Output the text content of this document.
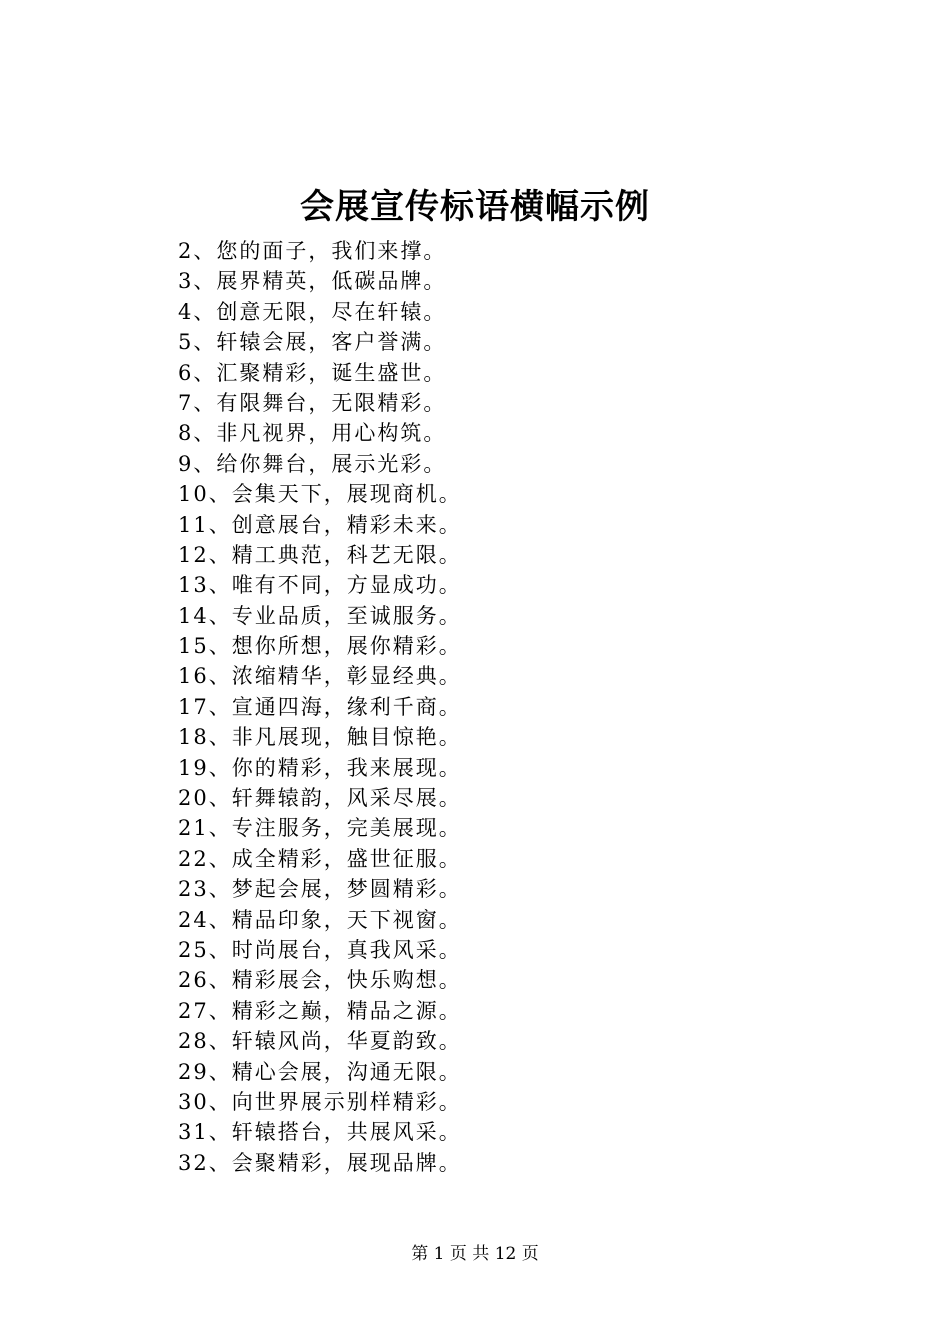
会展宣传标语横幅示例
2、您的面子，我们来撑。
3、展界精英，低碳品牌。
4、创意无限，尽在轩辕。
5、轩辕会展，客户誉满。
6、汇聚精彩，诞生盛世。
7、有限舞台，无限精彩。
8、非凡视界，用心构筑。
9、给你舞台，展示光彩。
10、会集天下，展现商机。
11、创意展台，精彩未来。
12、精工典范，科艺无限。
13、唯有不同，方显成功。
14、专业品质，至诚服务。
15、想你所想，展你精彩。
16、浓缩精华，彰显经典。
17、宣通四海，缘利千商。
18、非凡展现，触目惊艳。
19、你的精彩，我来展现。
20、轩舞辕韵，风采尽展。
21、专注服务，完美展现。
22、成全精彩，盛世征服。
23、梦起会展，梦圆精彩。
24、精品印象，天下视窗。
25、时尚展台，真我风采。
26、精彩展会，快乐购想。
27、精彩之巅，精品之源。
28、轩辕风尚，华夏韵致。
29、精心会展，沟通无限。
30、向世界展示别样精彩。
31、轩辕搭台，共展风采。
32、会聚精彩，展现品牌。
第 1 页 共 12 页
